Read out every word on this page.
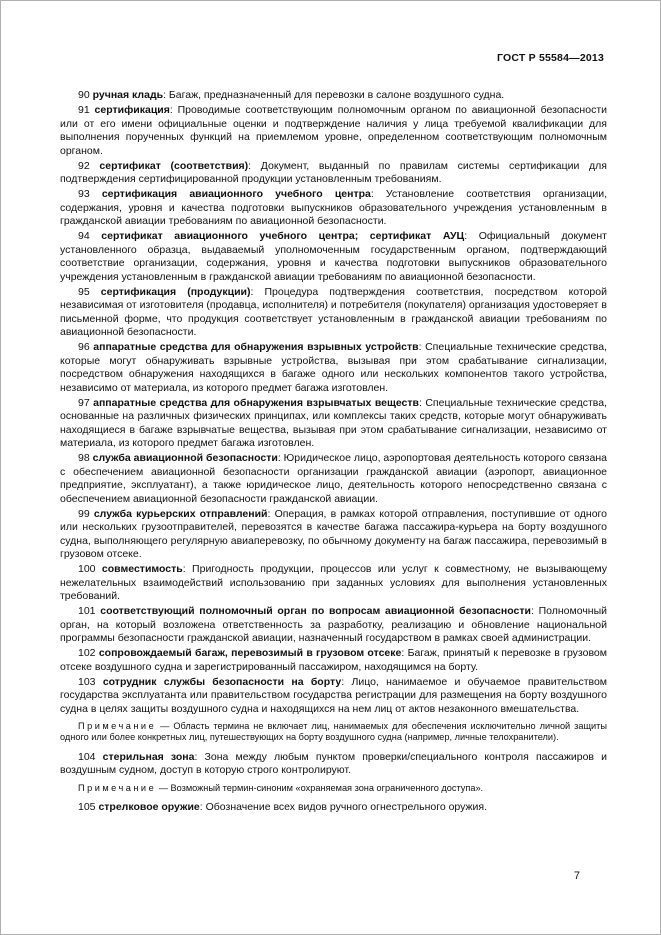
ГОСТ Р 55584—2013

90 ручная кладь: Багаж, предназначенный для перевозки в салоне воздушного судна.

91 сертификация: Проводимые соответствующим полномочным органом по авиационной безопасности или от его имени официальные оценки и подтверждение наличия у лица требуемой квалификации для выполнения порученных функций на приемлемом уровне, определенном соответствующим полномочным органом.

92 сертификат (соответствия): Документ, выданный по правилам системы сертификации для подтверждения сертифицированной продукции установленным требованиям.

93 сертификация авиационного учебного центра: Установление соответствия организации, содержания, уровня и качества подготовки выпускников образовательного учреждения установленным в гражданской авиации требованиям по авиационной безопасности.

94 сертификат авиационного учебного центра; сертификат АУЦ: Официальный документ установленного образца, выдаваемый уполномоченным государственным органом, подтверждающий соответствие организации, содержания, уровня и качества подготовки выпускников образовательного учреждения установленным в гражданской авиации требованиям по авиационной безопасности.

95 сертификация (продукции): Процедура подтверждения соответствия, посредством которой независимая от изготовителя (продавца, исполнителя) и потребителя (покупателя) организация удостоверяет в письменной форме, что продукция соответствует установленным в гражданской авиации требованиям по авиационной безопасности.

96 аппаратные средства для обнаружения взрывных устройств: Специальные технические средства, которые могут обнаруживать взрывные устройства, вызывая при этом срабатывание сигнализации, посредством обнаружения находящихся в багаже одного или нескольких компонентов такого устройства, независимо от материала, из которого предмет багажа изготовлен.

97 аппаратные средства для обнаружения взрывчатых веществ: Специальные технические средства, основанные на различных физических принципах, или комплексы таких средств, которые могут обнаруживать находящиеся в багаже взрывчатые вещества, вызывая при этом срабатывание сигнализации, независимо от материала, из которого предмет багажа изготовлен.

98 служба авиационной безопасности: Юридическое лицо, аэропортовая деятельность которого связана с обеспечением авиационной безопасности организации гражданской авиации (аэропорт, авиационное предприятие, эксплуатант), а также юридическое лицо, деятельность которого непосредственно связана с обеспечением авиационной безопасности гражданской авиации.

99 служба курьерских отправлений: Операция, в рамках которой отправления, поступившие от одного или нескольких грузоотправителей, перевозятся в качестве багажа пассажира-курьера на борту воздушного судна, выполняющего регулярную авиаперевозку, по обычному документу на багаж пассажира, перевозимый в грузовом отсеке.

100 совместимость: Пригодность продукции, процессов или услуг к совместному, не вызывающему нежелательных взаимодействий использованию при заданных условиях для выполнения установленных требований.

101 соответствующий полномочный орган по вопросам авиационной безопасности: Полномочный орган, на который возложена ответственность за разработку, реализацию и обновление национальной программы безопасности гражданской авиации, назначенный государством в рамках своей администрации.

102 сопровождаемый багаж, перевозимый в грузовом отсеке: Багаж, принятый к перевозке в грузовом отсеке воздушного судна и зарегистрированный пассажиром, находящимся на борту.

103 сотрудник службы безопасности на борту: Лицо, нанимаемое и обучаемое правительством государства эксплуатанта или правительством государства регистрации для размещения на борту воздушного судна в целях защиты воздушного судна и находящихся на нем лиц от актов незаконного вмешательства.

Примечание — Область термина не включает лиц, нанимаемых для обеспечения исключительно личной защиты одного или более конкретных лиц, путешествующих на борту воздушного судна (например, личные телохранители).

104 стерильная зона: Зона между любым пунктом проверки/специального контроля пассажиров и воздушным судном, доступ в которую строго контролируют.

Примечание — Возможный термин-синоним «охраняемая зона ограниченного доступа».

105 стрелковое оружие: Обозначение всех видов ручного огнестрельного оружия.

7
